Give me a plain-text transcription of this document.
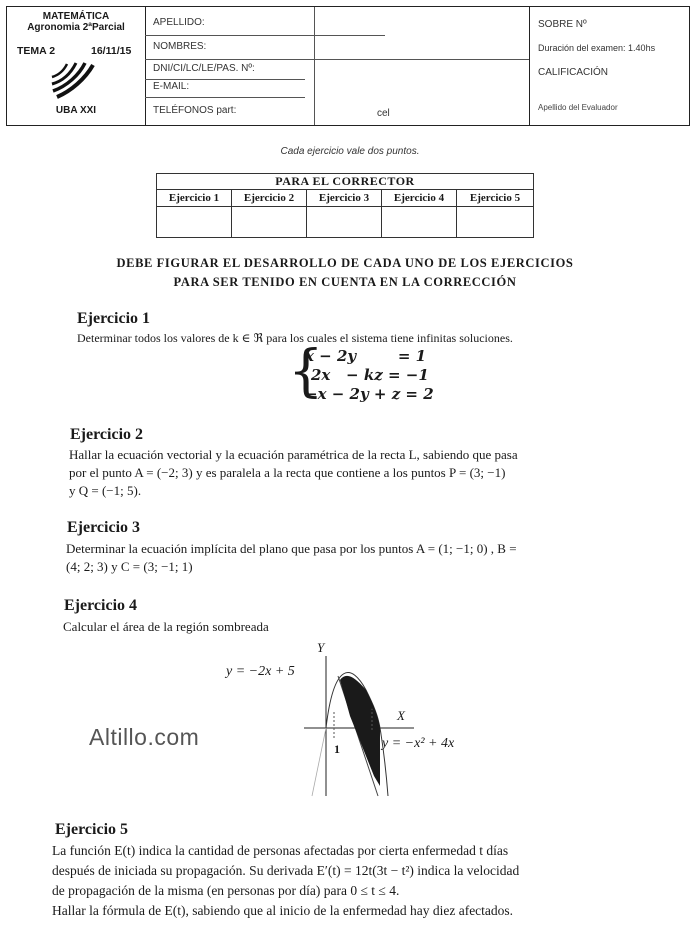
MATEMÁTICA
Agronomia 2ªParcial
TEMA 2	16/11/15
UBA XXI
APELLIDO:
NOMBRES:
DNI/CI/LC/LE/PAS. Nº:
E-MAIL:
TELÉFONOS part:	cel
SOBRE Nº
Duración del examen: 1.40hs
CALIFICACIÓN
Apellido del Evaluador
Cada ejercicio vale dos puntos.
PARA EL CORRECTOR				
Ejercicio 1	Ejercicio 2	Ejercicio 3	Ejercicio 4	Ejercicio 5

DEBE FIGURAR EL DESARROLLO DE CADA UNO DE LOS EJERCICIOS
PARA SER TENIDO EN CUENTA EN LA CORRECCIÓN
Ejercicio 1
Determinar todos los valores de k ∈ ℜ para los cuales el sistema tiene infinitas soluciones.
{
x − 2y        = 1
2x   − kz = −1
−x − 2y + z = 2
Ejercicio 2
Hallar la ecuación vectorial y la ecuación paramétrica de la recta L, sabiendo que pasa
por el punto A = (−2; 3) y es paralela a la recta que contiene a los puntos P = (3; −1)
y Q = (−1; 5).
Ejercicio 3
Determinar la ecuación implícita del plano que pasa por los puntos A = (1; −1; 0) , B =
(4; 2; 3) y C = (3; −1; 1)
Ejercicio 4
Calcular el área de la región sombreada
Y
X
y = −2x + 5
y = −x² + 4x
1
5
Altillo.com
Ejercicio 5
La función E(t) indica la cantidad de personas afectadas por cierta enfermedad t días
después de iniciada su propagación. Su derivada E′(t) = 12t(3t − t²) indica la velocidad
de propagación de la misma (en personas por día) para 0 ≤ t ≤ 4.
Hallar la fórmula de E(t), sabiendo que al inicio de la enfermedad hay diez afectados.
